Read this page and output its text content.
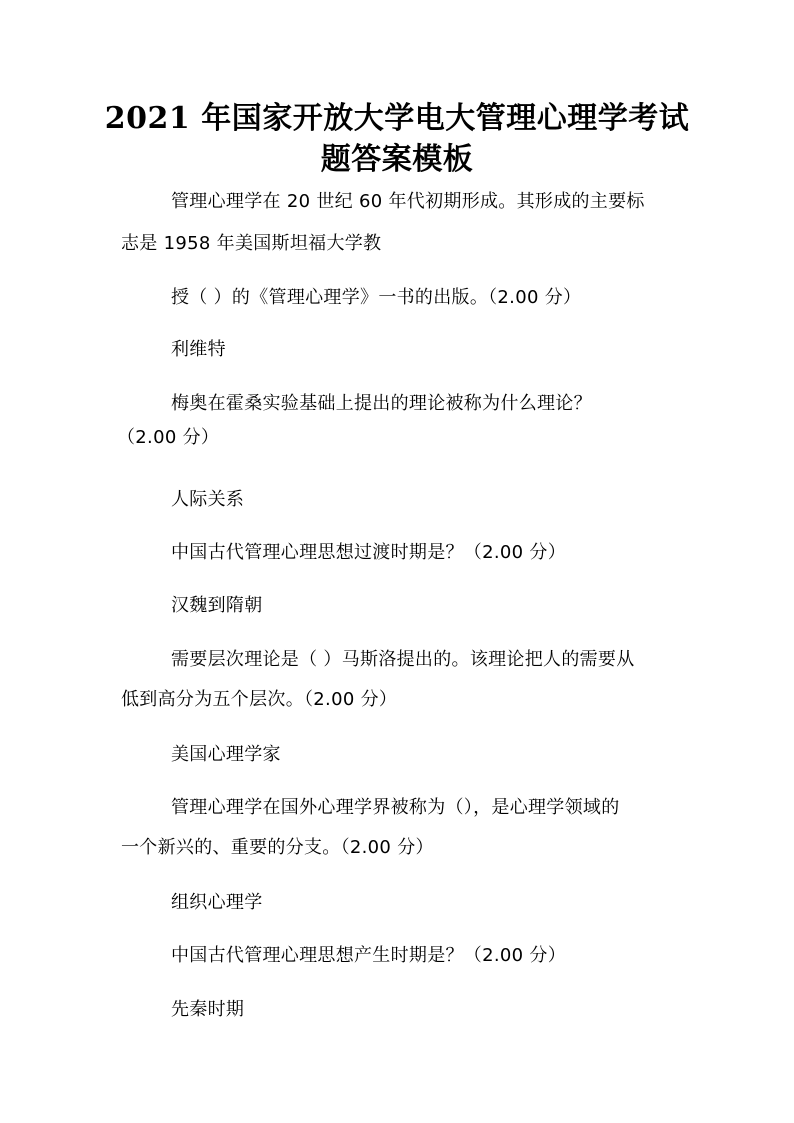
2021 年国家开放大学电大管理心理学考试
题答案模板

管理心理学在 20 世纪 60 年代初期形成。其形成的主要标
志是 1958 年美国斯坦福大学教

授（ ）的《管理心理学》一书的出版。（2.00 分）

利维特

梅奥在霍桑实验基础上提出的理论被称为什么理论？
（2.00 分）

人际关系

中国古代管理心理思想过渡时期是？（2.00 分）

汉魏到隋朝

需要层次理论是（ ）马斯洛提出的。该理论把人的需要从
低到高分为五个层次。（2.00 分）

美国心理学家

管理心理学在国外心理学界被称为（），是心理学领域的
一个新兴的、重要的分支。（2.00 分）

组织心理学

中国古代管理心理思想产生时期是？（2.00 分）

先秦时期
